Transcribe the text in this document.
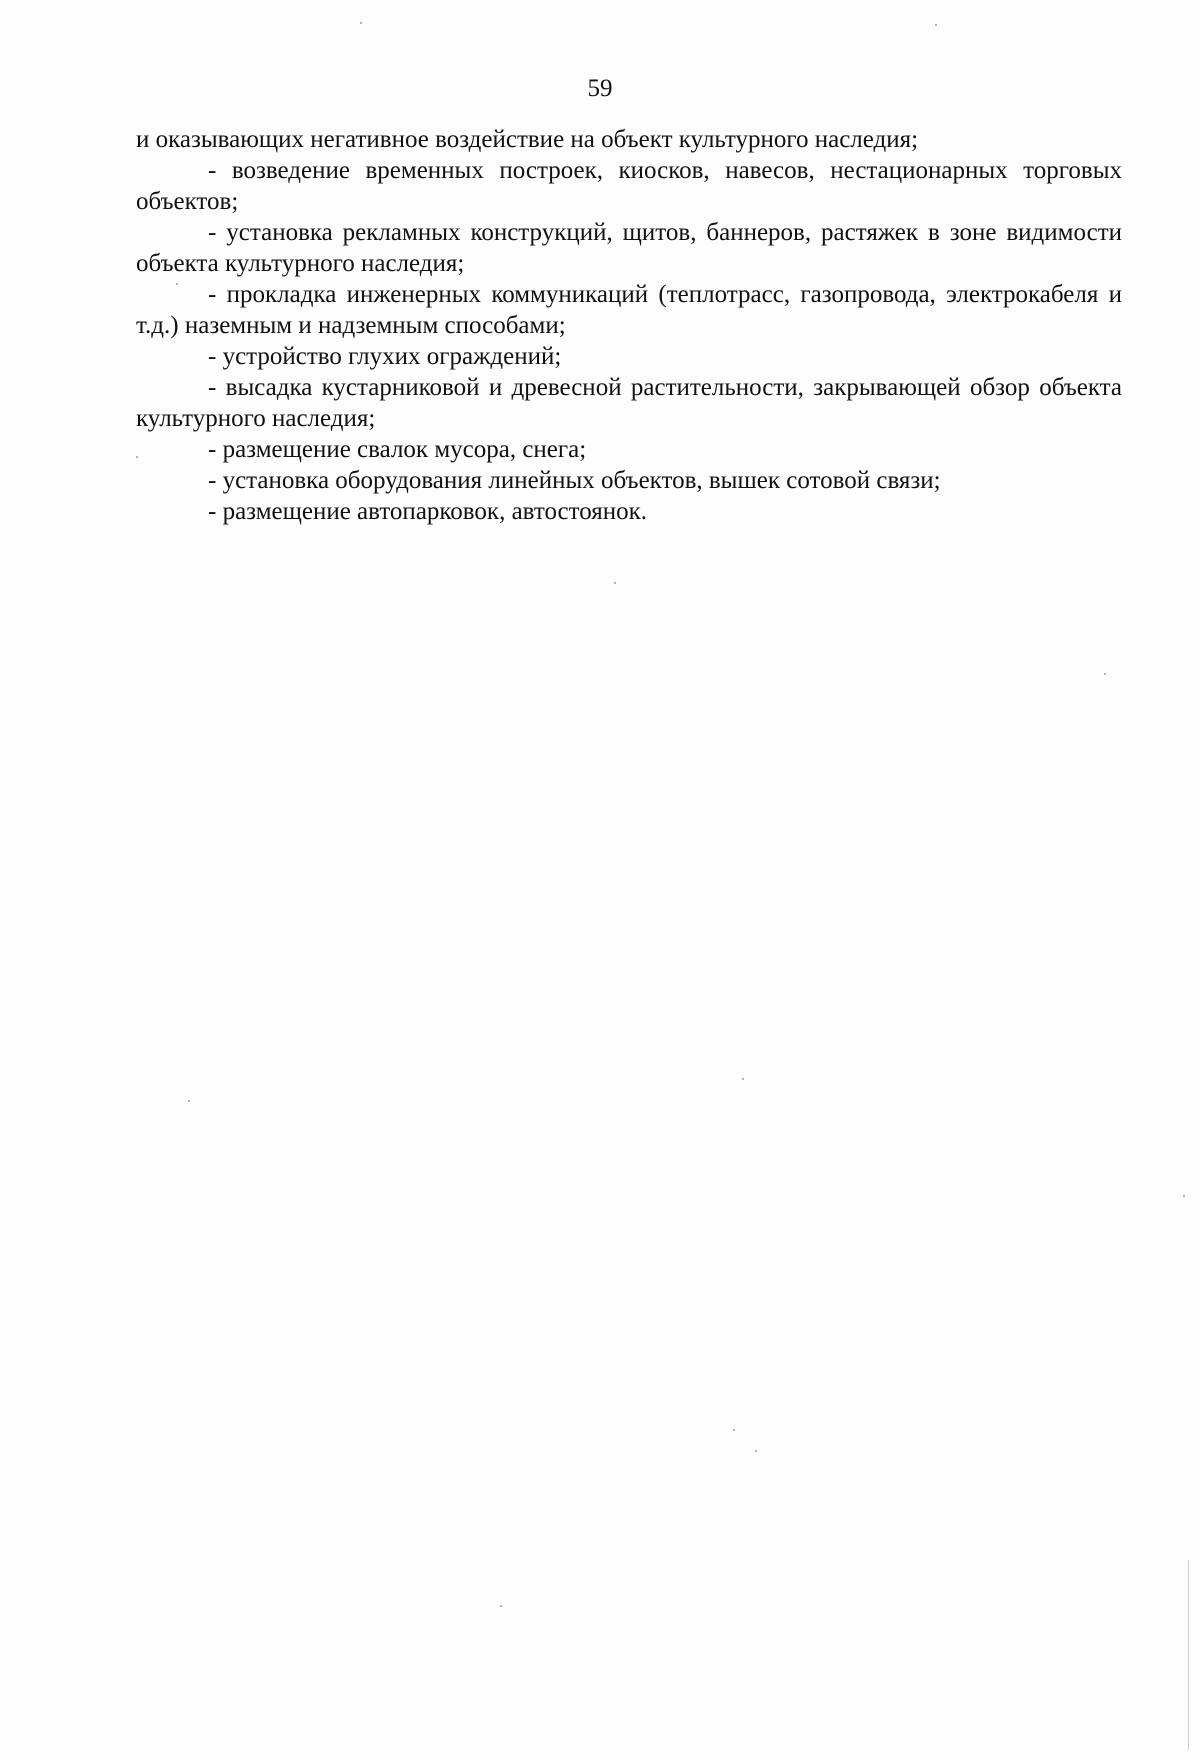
59

и оказывающих негативное воздействие на объект культурного наследия;

- возведение временных построек, киосков, навесов, нестационарных торговых объектов;

- установка рекламных конструкций, щитов, баннеров, растяжек в зоне видимости объекта культурного наследия;

- прокладка инженерных коммуникаций (теплотрасс, газопровода, электрокабеля и т.д.) наземным и надземным способами;

- устройство глухих ограждений;

- высадка кустарниковой и древесной растительности, закрывающей обзор объекта культурного наследия;

- размещение свалок мусора, снега;

- установка оборудования линейных объектов, вышек сотовой связи;

- размещение автопарковок, автостоянок.
